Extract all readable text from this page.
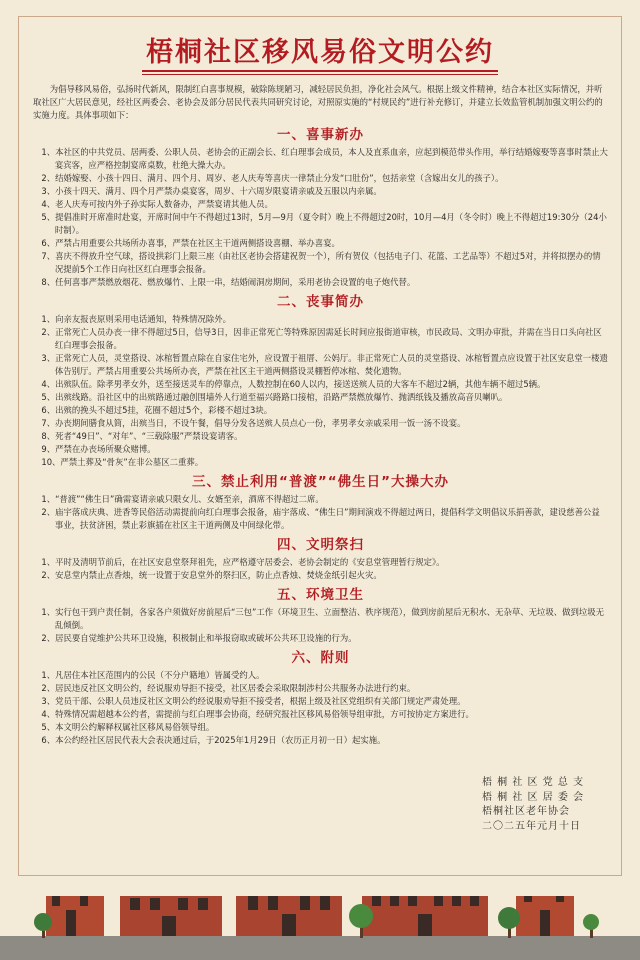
梧桐社区移风易俗文明公约

为倡导移风易俗，弘扬时代新风，限制红白喜事规模，破除陈规陋习，减轻居民负担，净化社会风气。根据上级文件精神，结合本社区实际情况，并听取社区广大居民意见，经社区两委会、老协会及部分居民代表共同研究讨论，对照原实施的“村规民约”进行补充修订，并建立长效监管机制加强文明公约的实施力度。具体事项如下：

一、喜事新办

1、本社区的中共党员、居两委、公职人员、老协会的正副会长、红白理事会成员，本人及直系血亲，应起到模范带头作用，举行结婚嫁娶等喜事时禁止大宴宾客，应严格控制宴席桌数，杜绝大操大办。

2、结婚嫁娶、小孩十四日、满月、四个月、周岁、老人庆寿等喜庆一律禁止分发“口肚份”，包括亲堂（含嫁出女儿的孩子）。

3、小孩十四天、满月、四个月严禁办桌宴客，周岁、十六周岁限宴请亲戚及五服以内亲属。

4、老人庆寿可按内外子孙实际人数备办，严禁宴请其他人员。

5、提倡准时开席准时赴宴，开席时间中午不得超过13时，5月—9月（夏令时）晚上不得超过20时，10月—4月（冬令时）晚上不得超过19:30分（24小时制）。

6、严禁占用重要公共场所办喜事，严禁在社区主干道两侧搭设喜棚、举办喜宴。

7、喜庆不得放升空气球，搭设拱彩门上限三座（由社区老协会搭建祝贺一个），所有贺仪（包括电子门、花篮、工艺品等）不超过5对，并将拟摆办的情况提前5个工作日向社区红白理事会报备。

8、任何喜事严禁燃放烟花、燃放爆竹、上限一串，结婚闹洞房期间，采用老协会设置的电子炮代替。

二、丧事简办

1、向亲友报丧原则采用电话通知，特殊情况除外。

2、正常死亡人员办丧一律不得超过5日，信导3日，因非正常死亡等特殊原因需延长时间应报街道审核，市民政局、文明办审批，并需在当日口头向社区红白理事会报备。

3、正常死亡人员，灵堂搭设、冰棺暂置点除在自家住宅外，应设置于祖厝、公妈厅。非正常死亡人员的灵堂搭设、冰棺暂置点应设置于社区安息堂一楼遗体告别厅。严禁占用重要公共场所办丧，严禁在社区主干道两侧搭设灵棚暂停冰棺、焚化遗物。

4、出殡队伍。除孝男孝女外，送至接送灵车的停靠点，人数控制在60人以内，接送送殡人员的大客车不超过2辆，其他车辆不超过5辆。

5、出殡线路。沿社区中的出殡路通过融创围墙外人行道至福兴路路口接棺，沿路严禁燃放爆竹、抛洒纸钱及播放高音贝喇叭。

6、出殡的挽头不超过5挂，花圈不超过5个，彩楼不超过3块。

7、办丧期间膳食从简，出殡当日，不设午餐，倡导分发各送殡人员点心一份，孝男孝女亲戚采用一饭一汤不设宴。

8、死者“49日”、“对年”、“三载除服”严禁设宴请客。

9、严禁在办丧场所聚众赌博。

10、严禁土葬及“骨灰”在非公墓区二重葬。

三、禁止利用“普渡”“佛生日”大操大办

1、“普渡”“佛生日”确需宴请亲戚只限女儿、女婿至亲，酒席不得超过二席。

2、庙宇落成庆典、进香等民俗活动需提前向红白理事会报备，庙宇落成、“佛生日”期间演戏不得超过两日，提倡科学文明倡议乐捐善款，建设慈善公益事业，扶贫济困，禁止彩旗插在社区主干道两侧及中间绿化带。

四、文明祭扫

1、平时及清明节前后，在社区安息堂祭拜祖先，应严格遵守居委会、老协会制定的《安息堂管理暂行规定》。

2、安息堂内禁止点香烛，统一设置于安息堂外的祭扫区，防止点香烛、焚烧金纸引起火灾。

五、环境卫生

1、实行包干到户责任制，各家各户须做好房前屋后“三包”工作（环境卫生、立面整洁、秩序规范），做到房前屋后无积水、无杂草、无垃圾、做到垃圾无乱倾倒。

2、居民要自觉维护公共环卫设施，积极制止和举报窃取或破坏公共环卫设施的行为。

六、附则

1、凡居住本社区范围内的公民（不分户籍地）皆属受约人。

2、居民违反社区文明公约，经说服劝导拒不接受，社区居委会采取限制涉村公共服务办法进行约束。

3、党员干部、公职人员违反社区文明公约经说服劝导拒不接受者，根据上级及社区党组织有关部门规定严肃处理。

4、特殊情况需超越本公约者，需提前与红白理事会协商，经研究报社区移风易俗领导组审批，方可按协定方案进行。

5、本文明公约解释权属社区移风易俗领导组。

6、本公约经社区居民代表大会表决通过后，于2025年1月29日（农历正月初一日）起实施。

梧 桐 社 区 党 总 支
梧 桐 社 区 居 委 会
梧桐社区老年协会
二〇二五年元月十日
